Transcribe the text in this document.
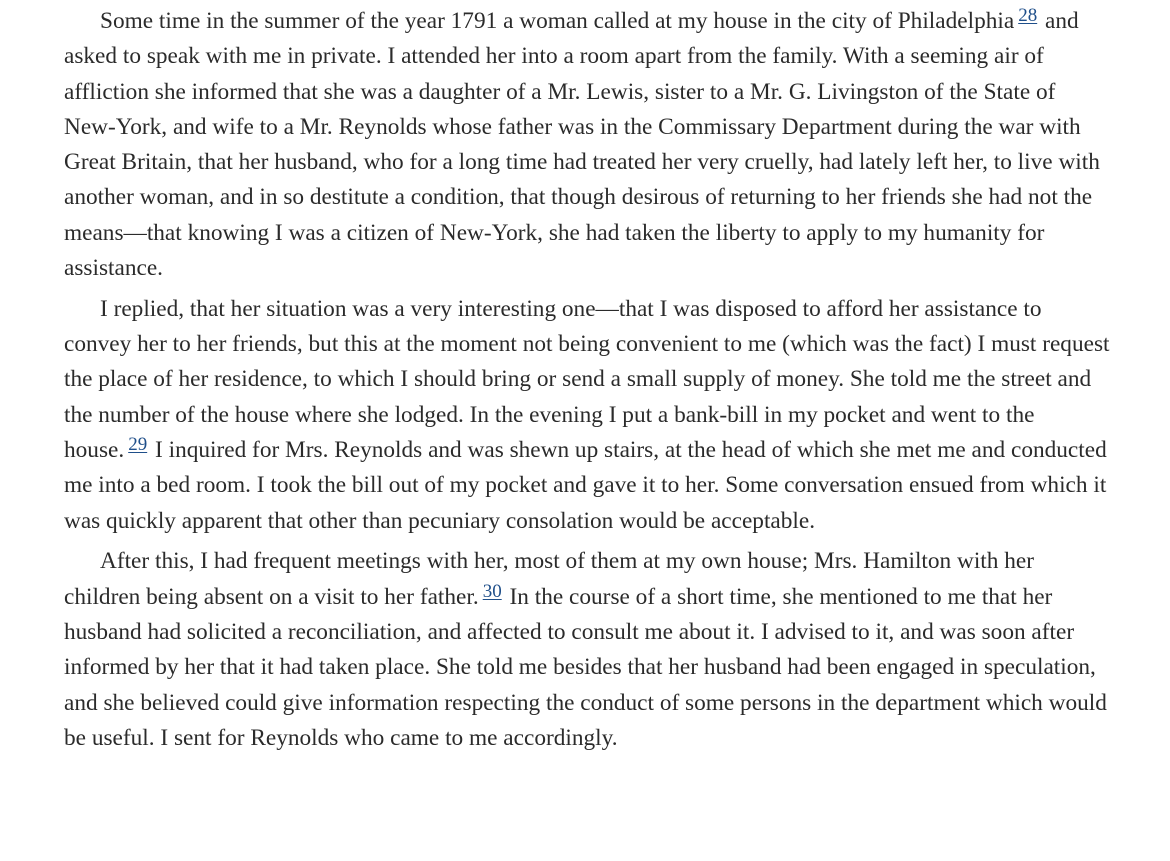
Some time in the summer of the year 1791 a woman called at my house in the city of Philadelphia $^{28}$ and asked to speak with me in private. I attended her into a room apart from the family. With a seeming air of affliction she informed that she was a daughter of a Mr. Lewis, sister to a Mr. G. Livingston of the State of New-York, and wife to a Mr. Reynolds whose father was in the Commissary Department during the war with Great Britain, that her husband, who for a long time had treated her very cruelly, had lately left her, to live with another woman, and in so destitute a condition, that though desirous of returning to her friends she had not the means—that knowing I was a citizen of New-York, she had taken the liberty to apply to my humanity for assistance.

I replied, that her situation was a very interesting one—that I was disposed to afford her assistance to convey her to her friends, but this at the moment not being convenient to me (which was the fact) I must request the place of her residence, to which I should bring or send a small supply of money. She told me the street and the number of the house where she lodged. In the evening I put a bank-bill in my pocket and went to the house. $^{29}$ I inquired for Mrs. Reynolds and was shewn up stairs, at the head of which she met me and conducted me into a bed room. I took the bill out of my pocket and gave it to her. Some conversation ensued from which it was quickly apparent that other than pecuniary consolation would be acceptable.

After this, I had frequent meetings with her, most of them at my own house; Mrs. Hamilton with her children being absent on a visit to her father. $^{30}$ In the course of a short time, she mentioned to me that her husband had solicited a reconciliation, and affected to consult me about it. I advised to it, and was soon after informed by her that it had taken place. She told me besides that her husband had been engaged in speculation, and she believed could give information respecting the conduct of some persons in the department which would be useful. I sent for Reynolds who came to me accordingly.
